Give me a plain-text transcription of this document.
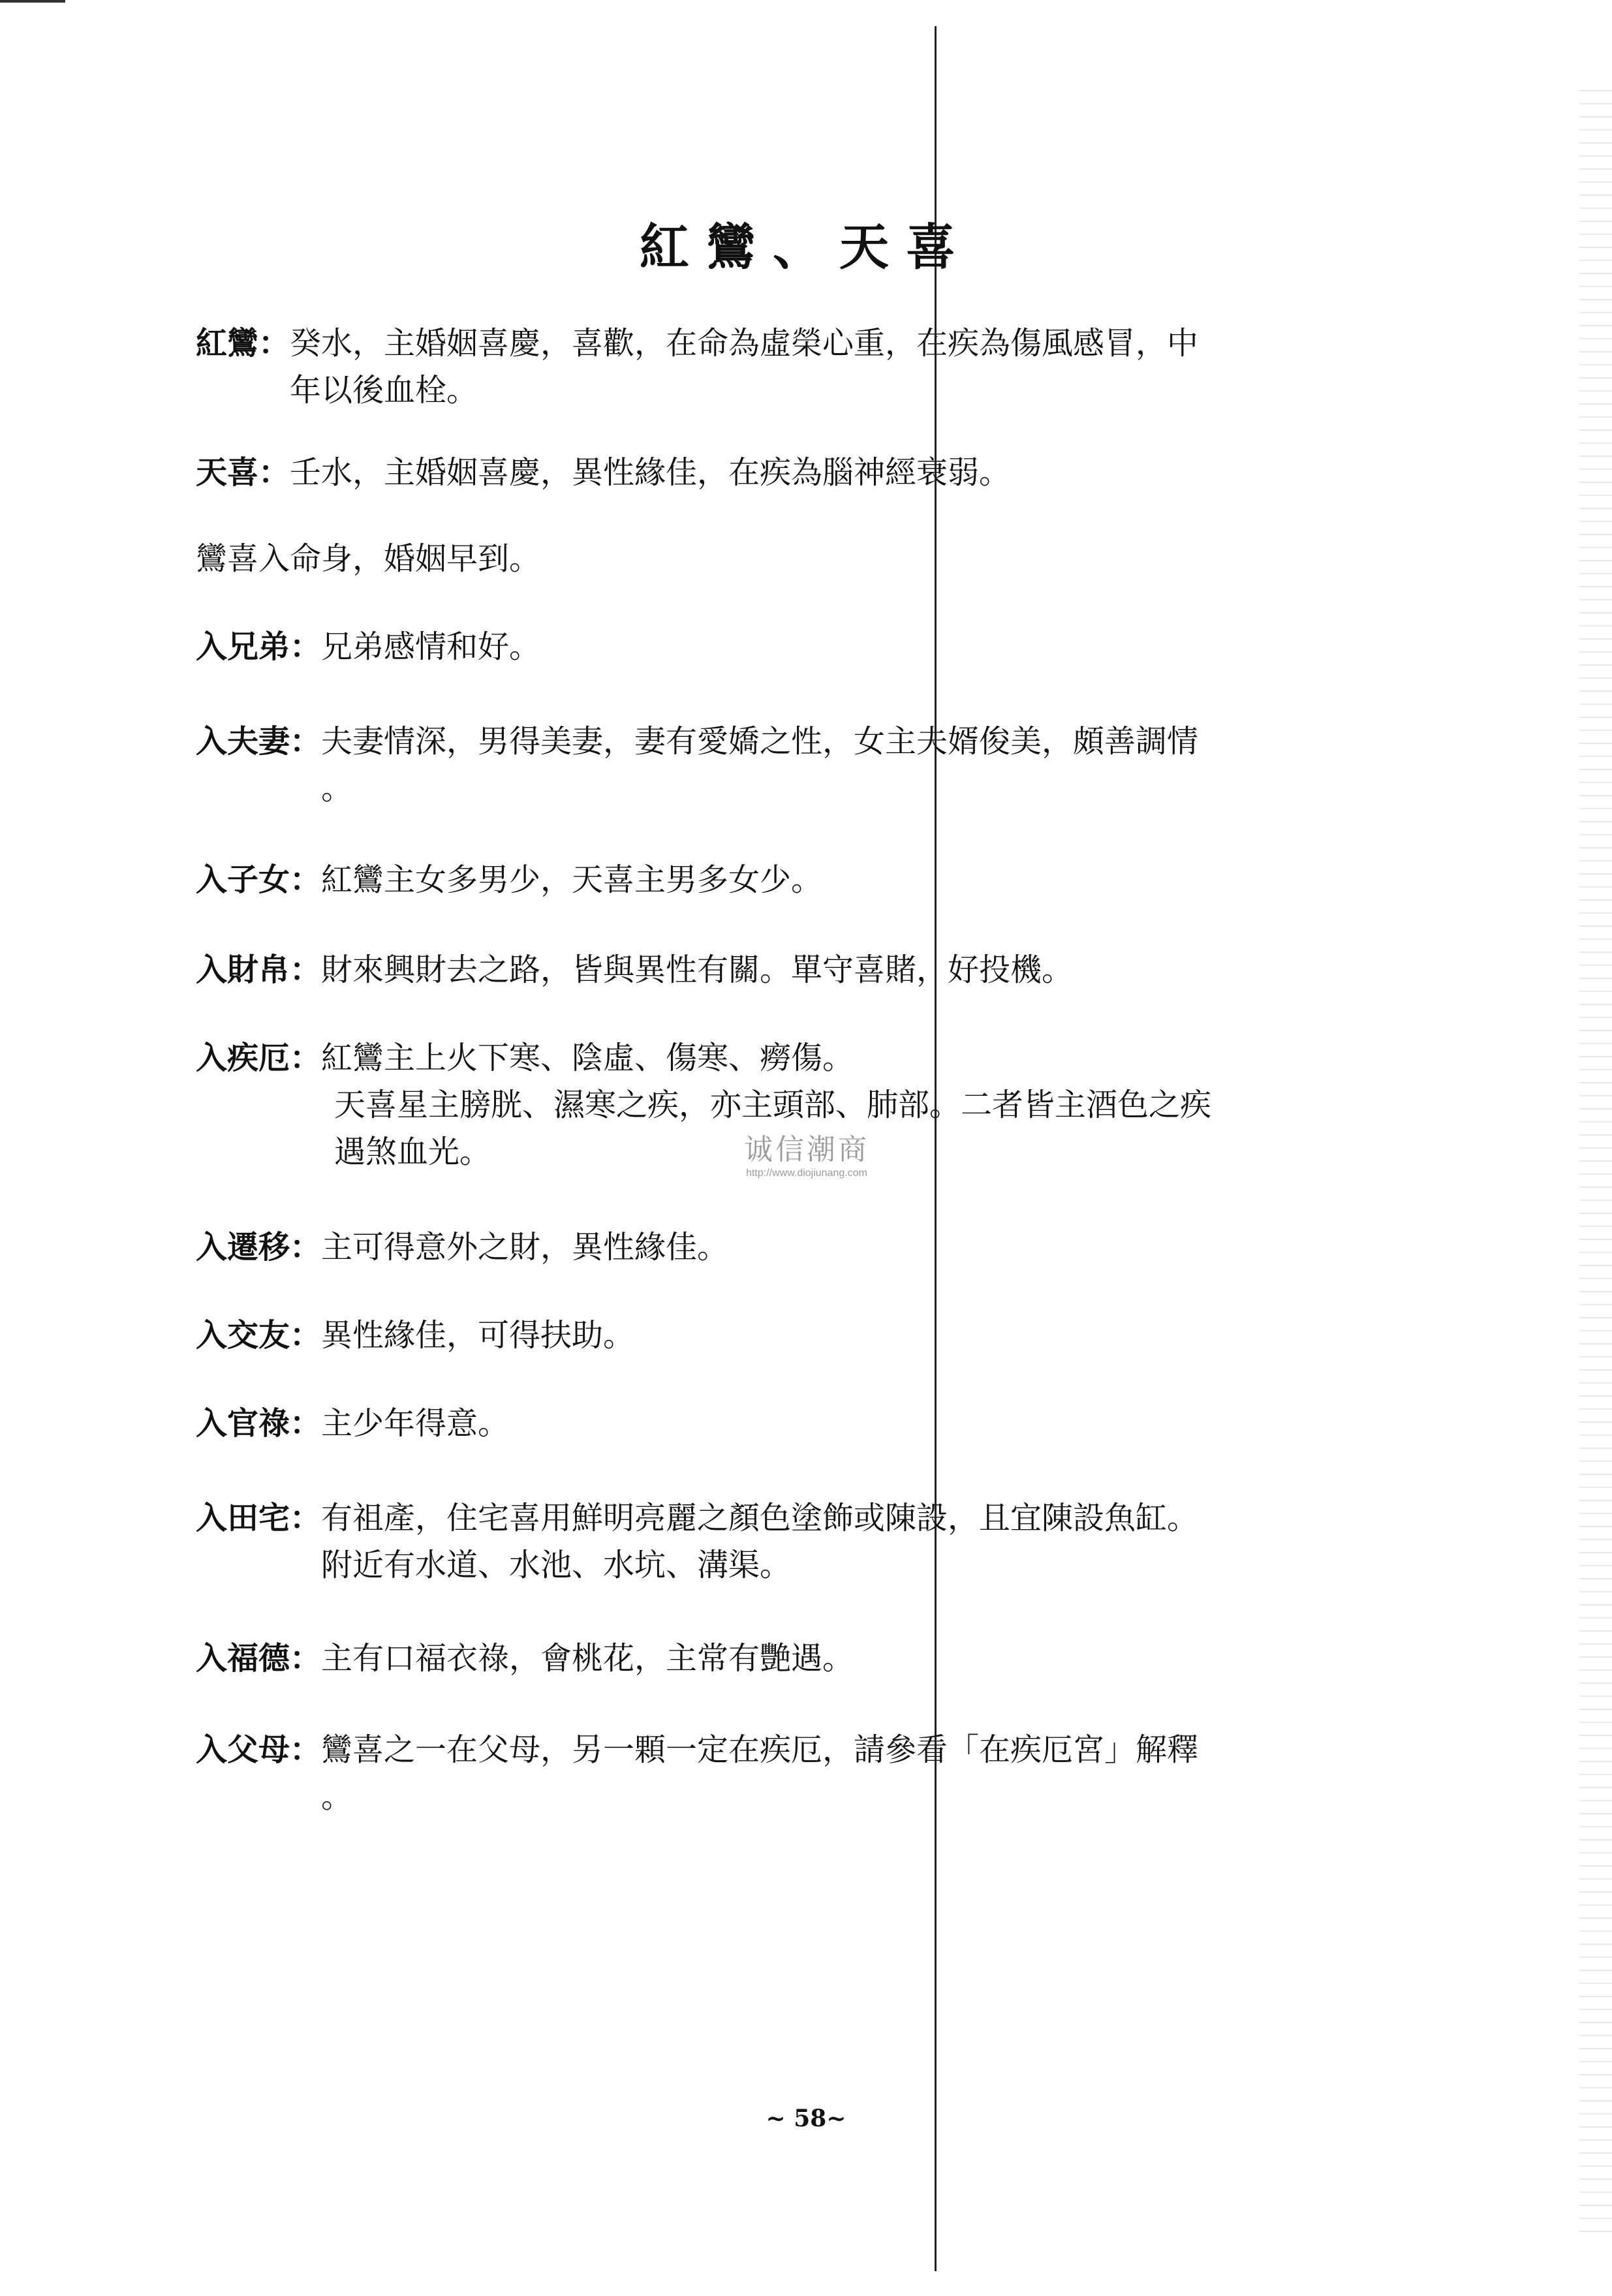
紅鸞、天喜
紅鸞： 癸水，主婚姻喜慶，喜歡，在命為虛榮心重，在疾為傷風感冒，中
年以後血栓。
天喜： 壬水，主婚姻喜慶，異性緣佳，在疾為腦神經衰弱。
鸞喜入命身，婚姻早到。
入兄弟： 兄弟感情和好。
入夫妻： 夫妻情深，男得美妻，妻有愛嬌之性，女主夫婿俊美，頗善調情
。
入子女： 紅鸞主女多男少，天喜主男多女少。
入財帛： 財來興財去之路，皆與異性有關。單守喜賭，好投機。
入疾厄： 紅鸞主上火下寒、陰虛、傷寒、癆傷。
天喜星主膀胱、濕寒之疾，亦主頭部、肺部。二者皆主酒色之疾
遇煞血光。
入遷移： 主可得意外之財，異性緣佳。
入交友： 異性緣佳，可得扶助。
入官祿： 主少年得意。
入田宅： 有祖產，住宅喜用鮮明亮麗之顏色塗飾或陳設，且宜陳設魚缸。
附近有水道、水池、水坑、溝渠。
入福德： 主有口福衣祿，會桃花，主常有艷遇。
入父母： 鸞喜之一在父母，另一顆一定在疾厄，請參看「在疾厄宮」解釋
。
诚信潮商
http://www.diojiunang.com
~ 58~
